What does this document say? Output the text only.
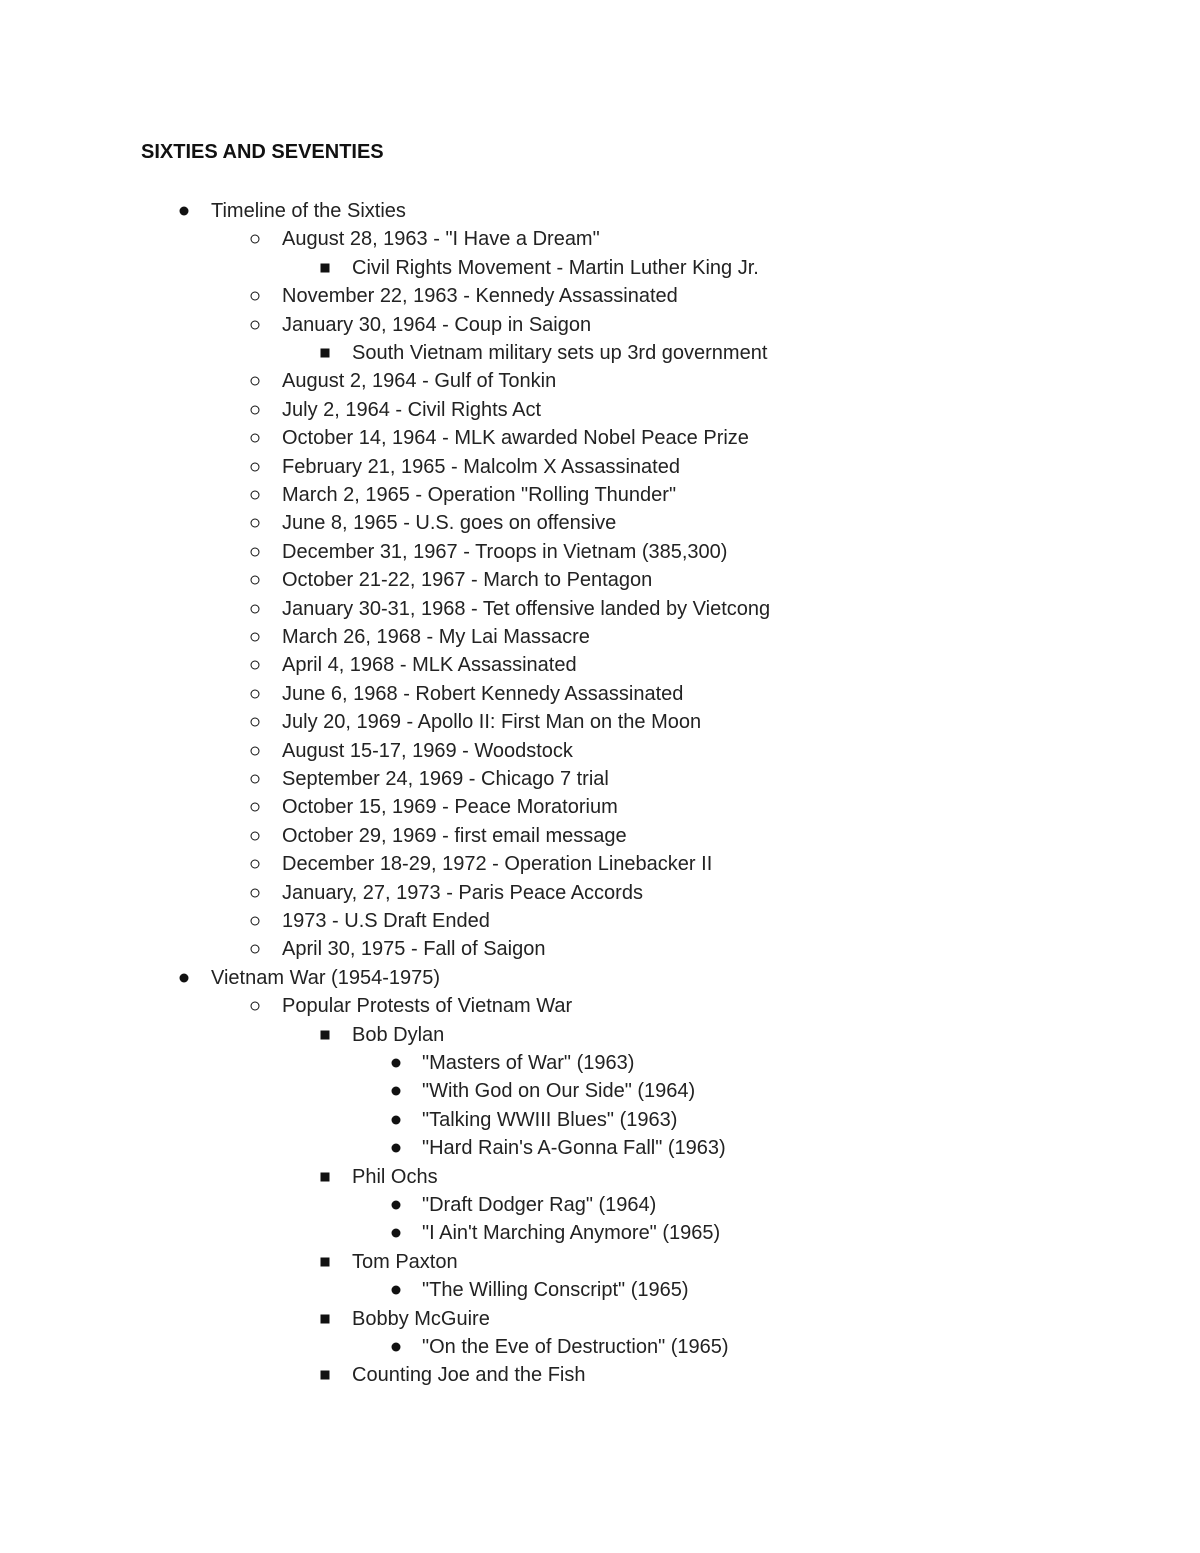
SIXTIES AND SEVENTIES
Timeline of the Sixties
August 28, 1963 - "I Have a Dream"
Civil Rights Movement - Martin Luther King Jr.
November 22, 1963 - Kennedy Assassinated
January 30, 1964 - Coup in Saigon
South Vietnam military sets up 3rd government
August 2, 1964 - Gulf of Tonkin
July 2, 1964 - Civil Rights Act
October 14, 1964 - MLK awarded Nobel Peace Prize
February 21, 1965 - Malcolm X Assassinated
March 2, 1965 - Operation "Rolling Thunder"
June 8, 1965 - U.S. goes on offensive
December 31, 1967 - Troops in Vietnam (385,300)
October 21-22, 1967 - March to Pentagon
January 30-31, 1968 - Tet offensive landed by Vietcong
March 26, 1968 - My Lai Massacre
April 4, 1968 - MLK Assassinated
June 6, 1968 - Robert Kennedy Assassinated
July 20, 1969 - Apollo II: First Man on the Moon
August 15-17, 1969 - Woodstock
September 24, 1969 - Chicago 7 trial
October 15, 1969 - Peace Moratorium
October 29, 1969 - first email message
December 18-29, 1972 - Operation Linebacker II
January, 27, 1973 - Paris Peace Accords
1973 - U.S Draft Ended
April 30, 1975 - Fall of Saigon
Vietnam War (1954-1975)
Popular Protests of Vietnam War
Bob Dylan
"Masters of War" (1963)
"With God on Our Side" (1964)
"Talking WWIII Blues" (1963)
"Hard Rain's A-Gonna Fall" (1963)
Phil Ochs
"Draft Dodger Rag" (1964)
"I Ain't Marching Anymore" (1965)
Tom Paxton
"The Willing Conscript" (1965)
Bobby McGuire
"On the Eve of Destruction" (1965)
Counting Joe and the Fish
